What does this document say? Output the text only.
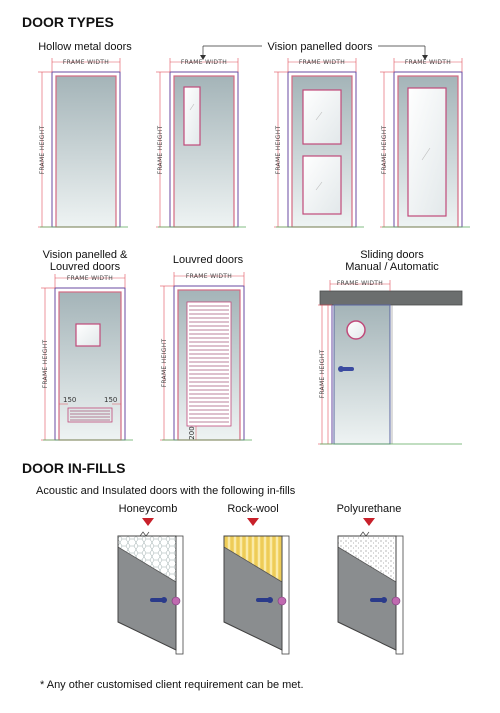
DOOR TYPES
Hollow metal doors	Vision panelled doors
FRAME WIDTH
FRAME HEIGHT
FRAME WIDTH
FRAME HEIGHT
FRAME WIDTH
FRAME HEIGHT
FRAME WIDTH
FRAME HEIGHT
Vision panelled &
Louvred doors
Louvred doors	Sliding doors
Manual / Automatic
FRAME WIDTH
FRAME HEIGHT
150	150
FRAME WIDTH
FRAME HEIGHT
200
FRAME WIDTH
FRAME HEIGHT
DOOR IN-FILLS
Acoustic and Insulated doors with the following in-fills
Honeycomb	Rock-wool	Polyurethane
* Any other customised client requirement can be met.
